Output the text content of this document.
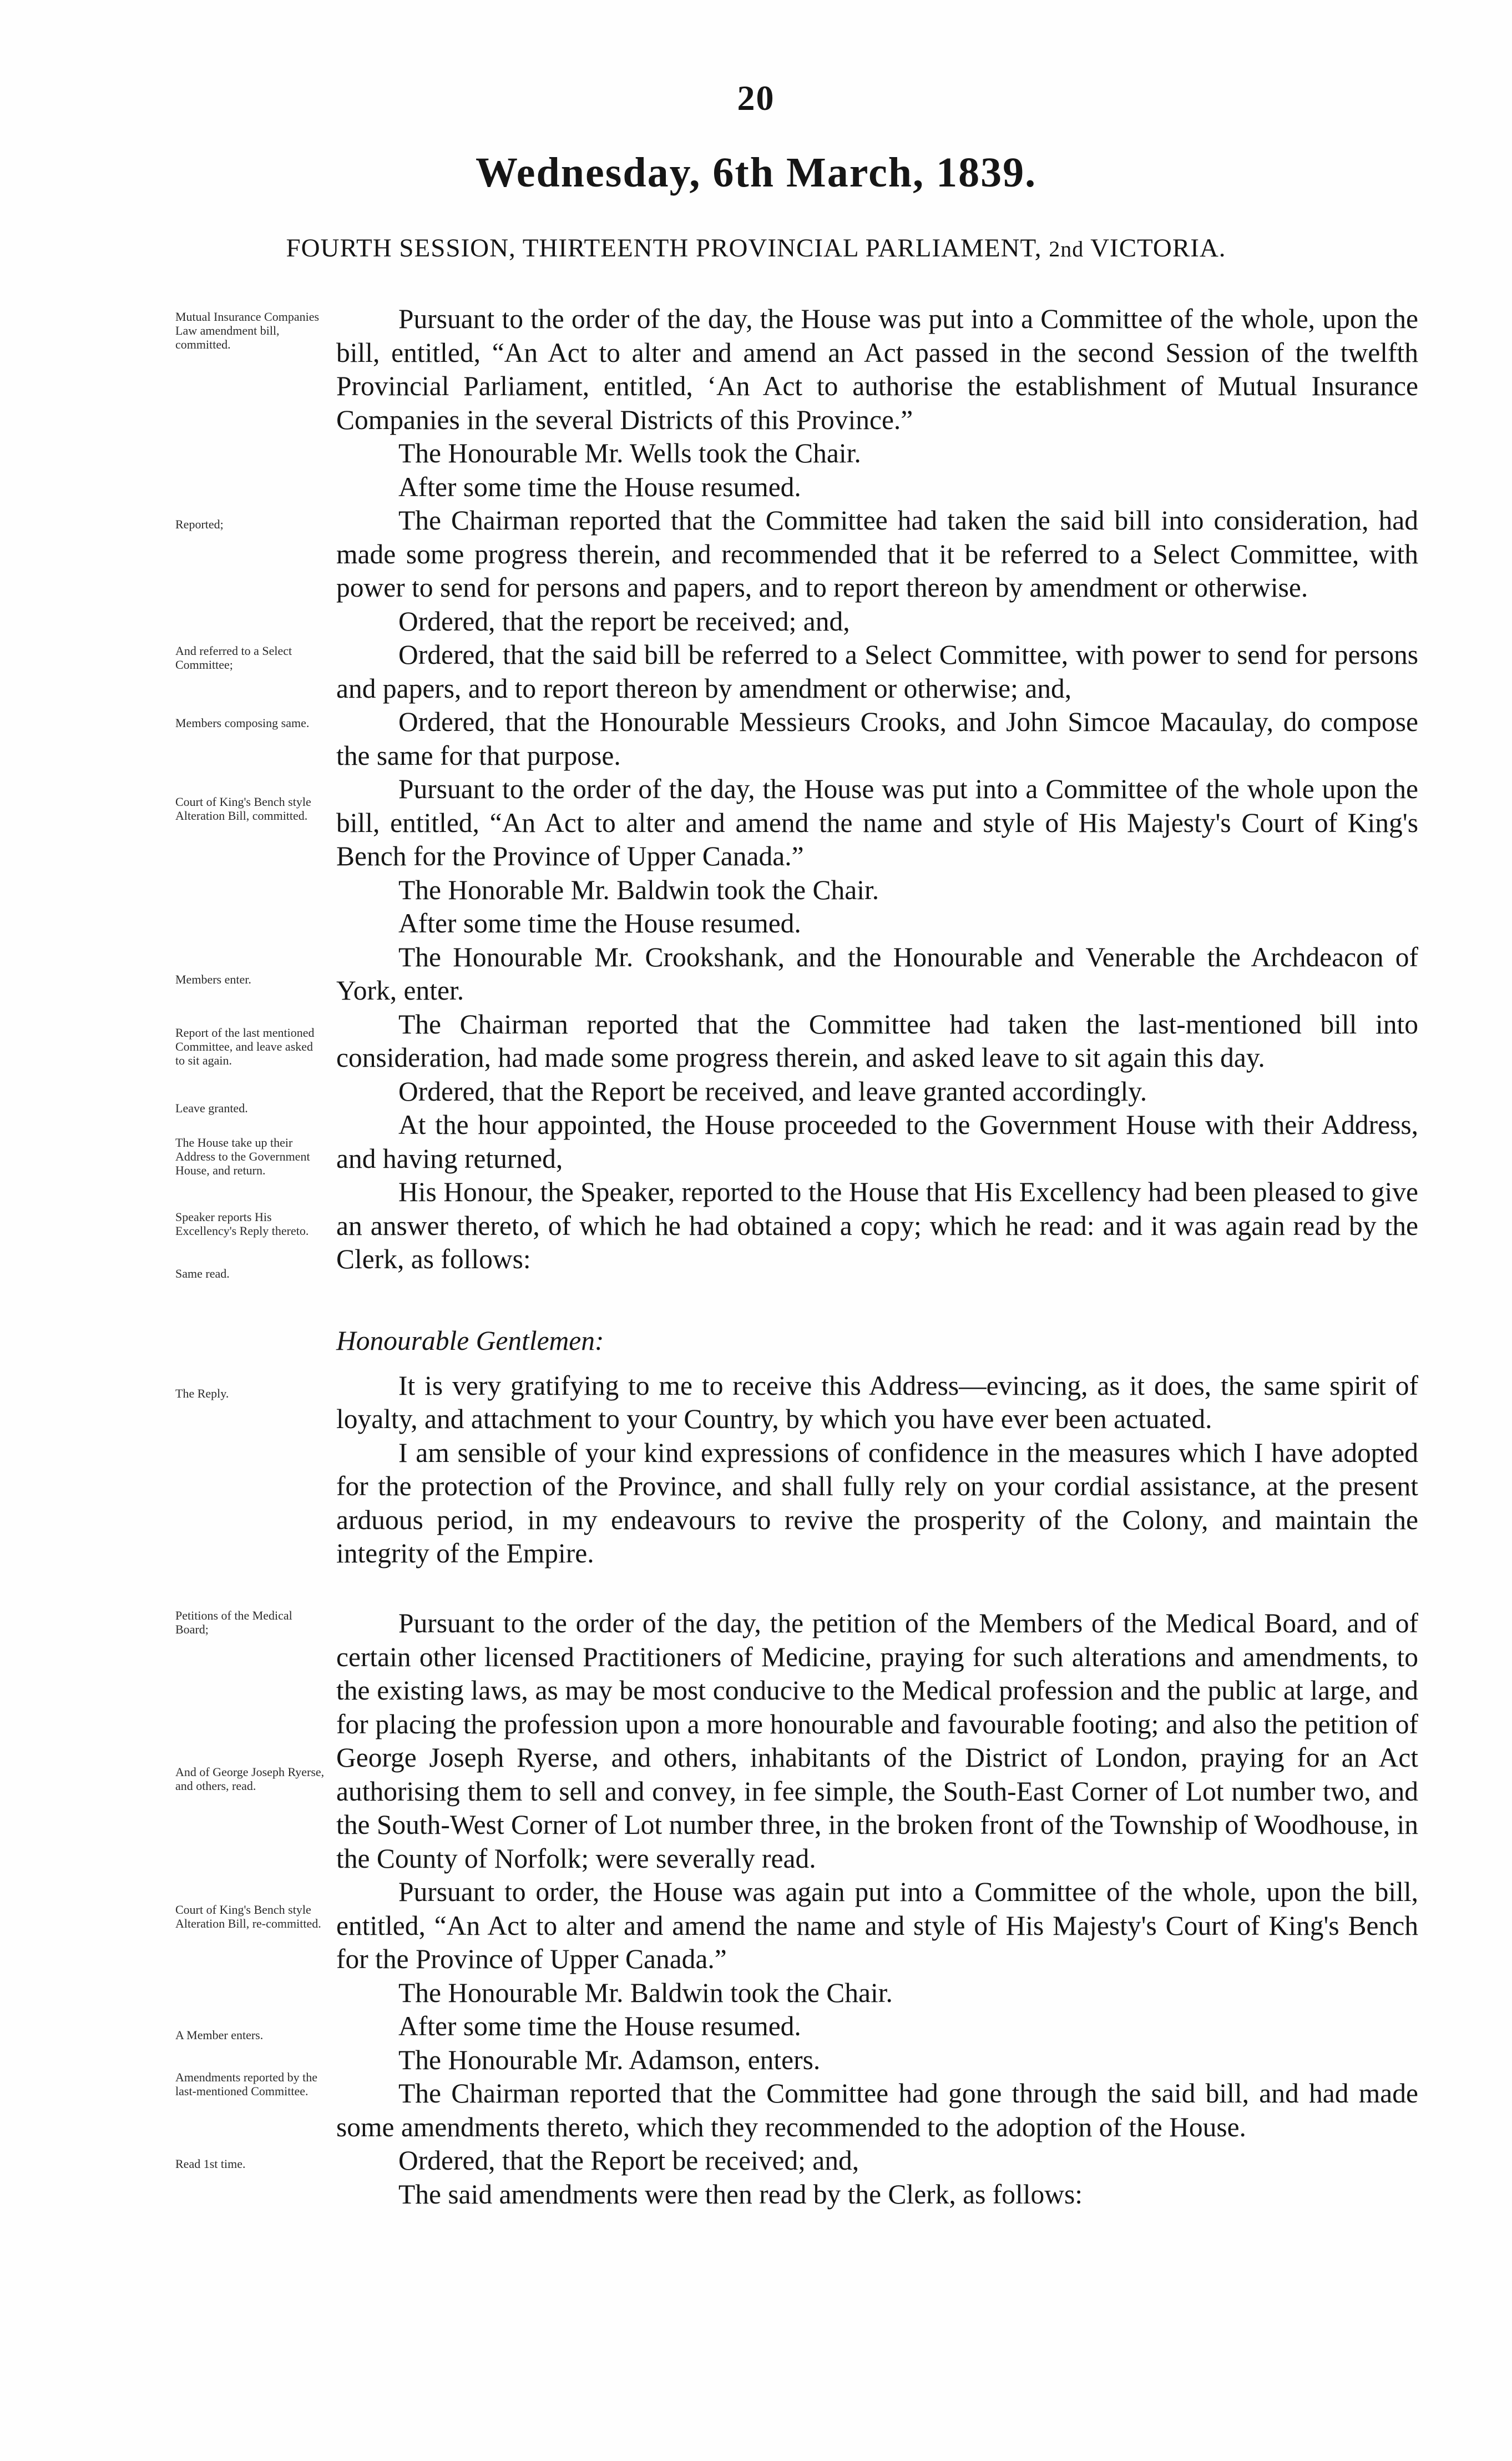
20
Wednesday, 6th March, 1839.
FOURTH SESSION, THIRTEENTH PROVINCIAL PARLIAMENT, 2nd VICTORIA.
Mutual Insurance Companies Law amendment bill, committed.
Reported;
And referred to a Select Committee;
Members composing same.
Court of King's Bench style Alteration Bill, committed.
Members enter.
Report of the last mentioned Committee, and leave asked to sit again.
Leave granted.
The House take up their Address to the Government House, and return.
Speaker reports His Excellency's Reply thereto.
Same read.
The Reply.
Petitions of the Medical Board;
And of George Joseph Ryerse, and others, read.
Court of King's Bench style Alteration Bill, re-committed.
A Member enters.
Amendments reported by the last-mentioned Committee.
Read 1st time.

Pursuant to the order of the day, the House was put into a Committee of the whole, upon the bill, entitled, “An Act to alter and amend an Act passed in the second Session of the twelfth Provincial Parliament, entitled, ‘An Act to authorise the establishment of Mutual Insurance Companies in the several Districts of this Province.”

The Honourable Mr. Wells took the Chair.

After some time the House resumed.

The Chairman reported that the Committee had taken the said bill into consideration, had made some progress therein, and recommended that it be referred to a Select Committee, with power to send for persons and papers, and to report thereon by amendment or otherwise.

Ordered, that the report be received; and,

Ordered, that the said bill be referred to a Select Committee, with power to send for persons and papers, and to report thereon by amendment or otherwise; and,

Ordered, that the Honourable Messieurs Crooks, and John Simcoe Macaulay, do compose the same for that purpose.

Pursuant to the order of the day, the House was put into a Committee of the whole upon the bill, entitled, “An Act to alter and amend the name and style of His Majesty's Court of King's Bench for the Province of Upper Canada.”

The Honorable Mr. Baldwin took the Chair.

After some time the House resumed.

The Honourable Mr. Crookshank, and the Honourable and Venerable the Archdeacon of York, enter.

The Chairman reported that the Committee had taken the last-mentioned bill into consideration, had made some progress therein, and asked leave to sit again this day.

Ordered, that the Report be received, and leave granted accordingly.

At the hour appointed, the House proceeded to the Government House with their Address, and having returned,

His Honour, the Speaker, reported to the House that His Excellency had been pleased to give an answer thereto, of which he had obtained a copy; which he read: and it was again read by the Clerk, as follows:

Honourable Gentlemen:

It is very gratifying to me to receive this Address—evincing, as it does, the same spirit of loyalty, and attachment to your Country, by which you have ever been actuated.

I am sensible of your kind expressions of confidence in the measures which I have adopted for the protection of the Province, and shall fully rely on your cordial assistance, at the present arduous period, in my endeavours to revive the prosperity of the Colony, and maintain the integrity of the Empire.

Pursuant to the order of the day, the petition of the Members of the Medical Board, and of certain other licensed Practitioners of Medicine, praying for such alterations and amendments, to the existing laws, as may be most conducive to the Medical profession and the public at large, and for placing the profession upon a more honourable and favourable footing; and also the petition of George Joseph Ryerse, and others, inhabitants of the District of London, praying for an Act authorising them to sell and convey, in fee simple, the South-East Corner of Lot number two, and the South-West Corner of Lot number three, in the broken front of the Township of Woodhouse, in the County of Norfolk; were severally read.

Pursuant to order, the House was again put into a Committee of the whole, upon the bill, entitled, “An Act to alter and amend the name and style of His Majesty's Court of King's Bench for the Province of Upper Canada.”

The Honourable Mr. Baldwin took the Chair.

After some time the House resumed.

The Honourable Mr. Adamson, enters.

The Chairman reported that the Committee had gone through the said bill, and had made some amendments thereto, which they recommended to the adoption of the House.

Ordered, that the Report be received; and,

The said amendments were then read by the Clerk, as follows:
